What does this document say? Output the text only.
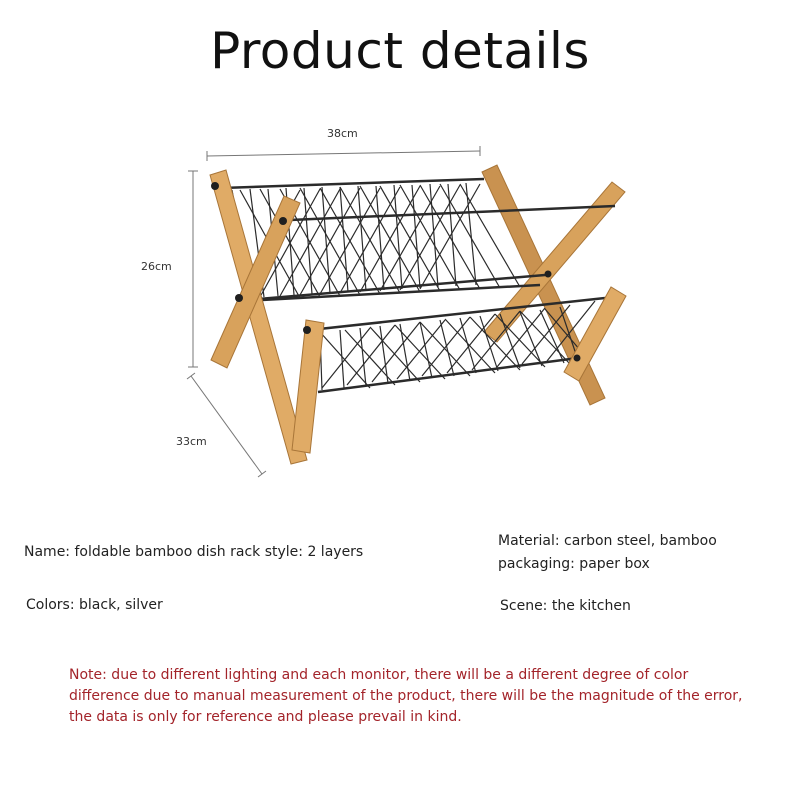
Product details
38cm
26cm
33cm
Name: foldable bamboo dish rack style: 2 layers
Colors: black, silver
Material: carbon steel, bamboo
packaging: paper box
Scene: the kitchen
Note: due to different lighting and each monitor, there will be a different degree of color
difference due to manual measurement of the product, there will be the magnitude of the error,
the data is only for reference and please prevail in kind.
